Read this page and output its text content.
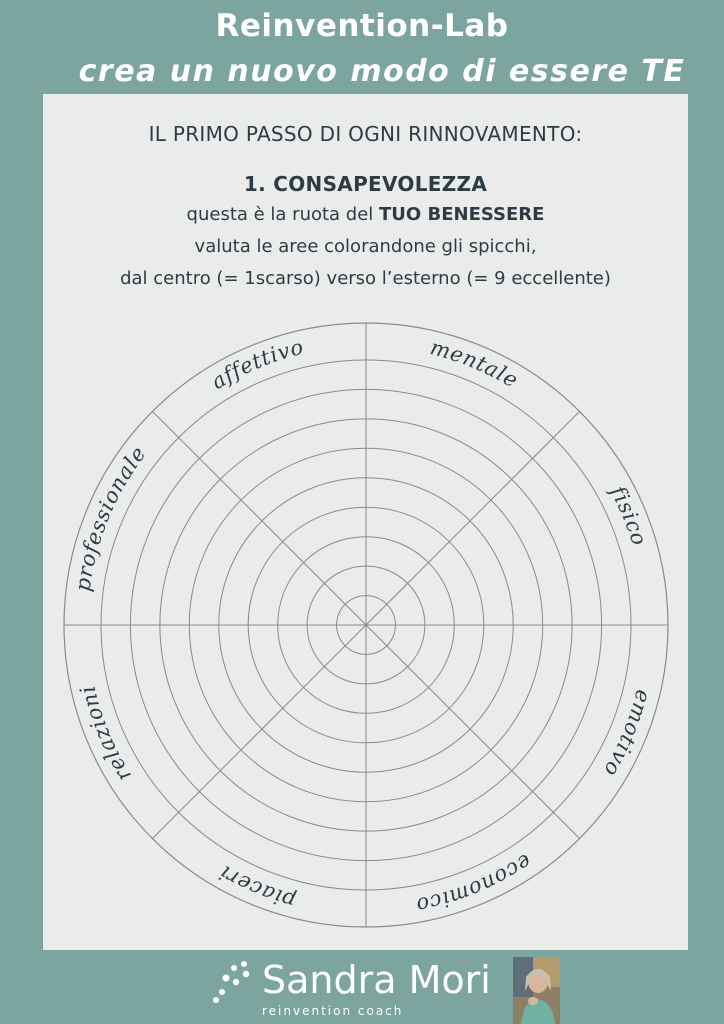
Reinvention-Lab
crea un nuovo modo di essere TE
IL PRIMO PASSO DI OGNI RINNOVAMENTO:
1. CONSAPEVOLEZZA
questa è la ruota del TUO BENESSERE
valuta le aree colorandone gli spicchi,
dal centro (= 1scarso) verso l’esterno (= 9 eccellente)
mentale
fisico
emotivo
economico
piaceri
relazioni
professionale
affettivo
Sandra Mori
reinvention coach
